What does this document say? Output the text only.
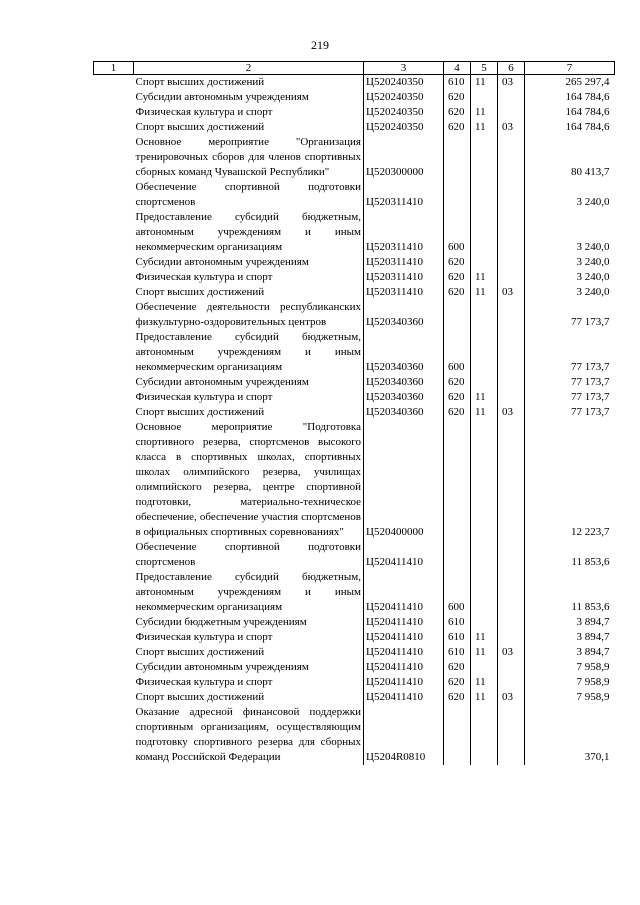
219
1	2	3	4	5	6	7
	Спорт высших достижений	Ц520240350	610	11	03	265 297,4
	Субсидии автономным учреждениям	Ц520240350	620			164 784,6
	Физическая культура и спорт	Ц520240350	620	11		164 784,6
	Спорт высших достижений	Ц520240350	620	11	03	164 784,6
	Основное мероприятие "Организация тренировочных сборов для членов спортивных сборных команд Чувашской Республики"	Ц520300000				80 413,7
	Обеспечение спортивной подготовки спортсменов	Ц520311410				3 240,0
	Предоставление субсидий бюджетным, автономным учреждениям и иным некоммерческим организациям	Ц520311410	600			3 240,0
	Субсидии автономным учреждениям	Ц520311410	620			3 240,0
	Физическая культура и спорт	Ц520311410	620	11		3 240,0
	Спорт высших достижений	Ц520311410	620	11	03	3 240,0
	Обеспечение деятельности республиканских физкультурно-оздоровительных центров	Ц520340360				77 173,7
	Предоставление субсидий бюджетным, автономным учреждениям и иным некоммерческим организациям	Ц520340360	600			77 173,7
	Субсидии автономным учреждениям	Ц520340360	620			77 173,7
	Физическая культура и спорт	Ц520340360	620	11		77 173,7
	Спорт высших достижений	Ц520340360	620	11	03	77 173,7
	Основное мероприятие "Подготовка спортивного резерва, спортсменов высокого класса в спортивных школах, спортивных школах олимпийского резерва, училищах олимпийского резерва, центре спортивной подготовки, материально-техническое обеспечение, обеспечение участия спортсменов в официальных спортивных соревнованиях"	Ц520400000				12 223,7
	Обеспечение спортивной подготовки спортсменов	Ц520411410				11 853,6
	Предоставление субсидий бюджетным, автономным учреждениям и иным некоммерческим организациям	Ц520411410	600			11 853,6
	Субсидии бюджетным учреждениям	Ц520411410	610			3 894,7
	Физическая культура и спорт	Ц520411410	610	11		3 894,7
	Спорт высших достижений	Ц520411410	610	11	03	3 894,7
	Субсидии автономным учреждениям	Ц520411410	620			7 958,9
	Физическая культура и спорт	Ц520411410	620	11		7 958,9
	Спорт высших достижений	Ц520411410	620	11	03	7 958,9
	Оказание адресной финансовой поддержки спортивным организациям, осуществляющим подготовку спортивного резерва для сборных команд Российской Федерации	Ц5204R0810				370,1
